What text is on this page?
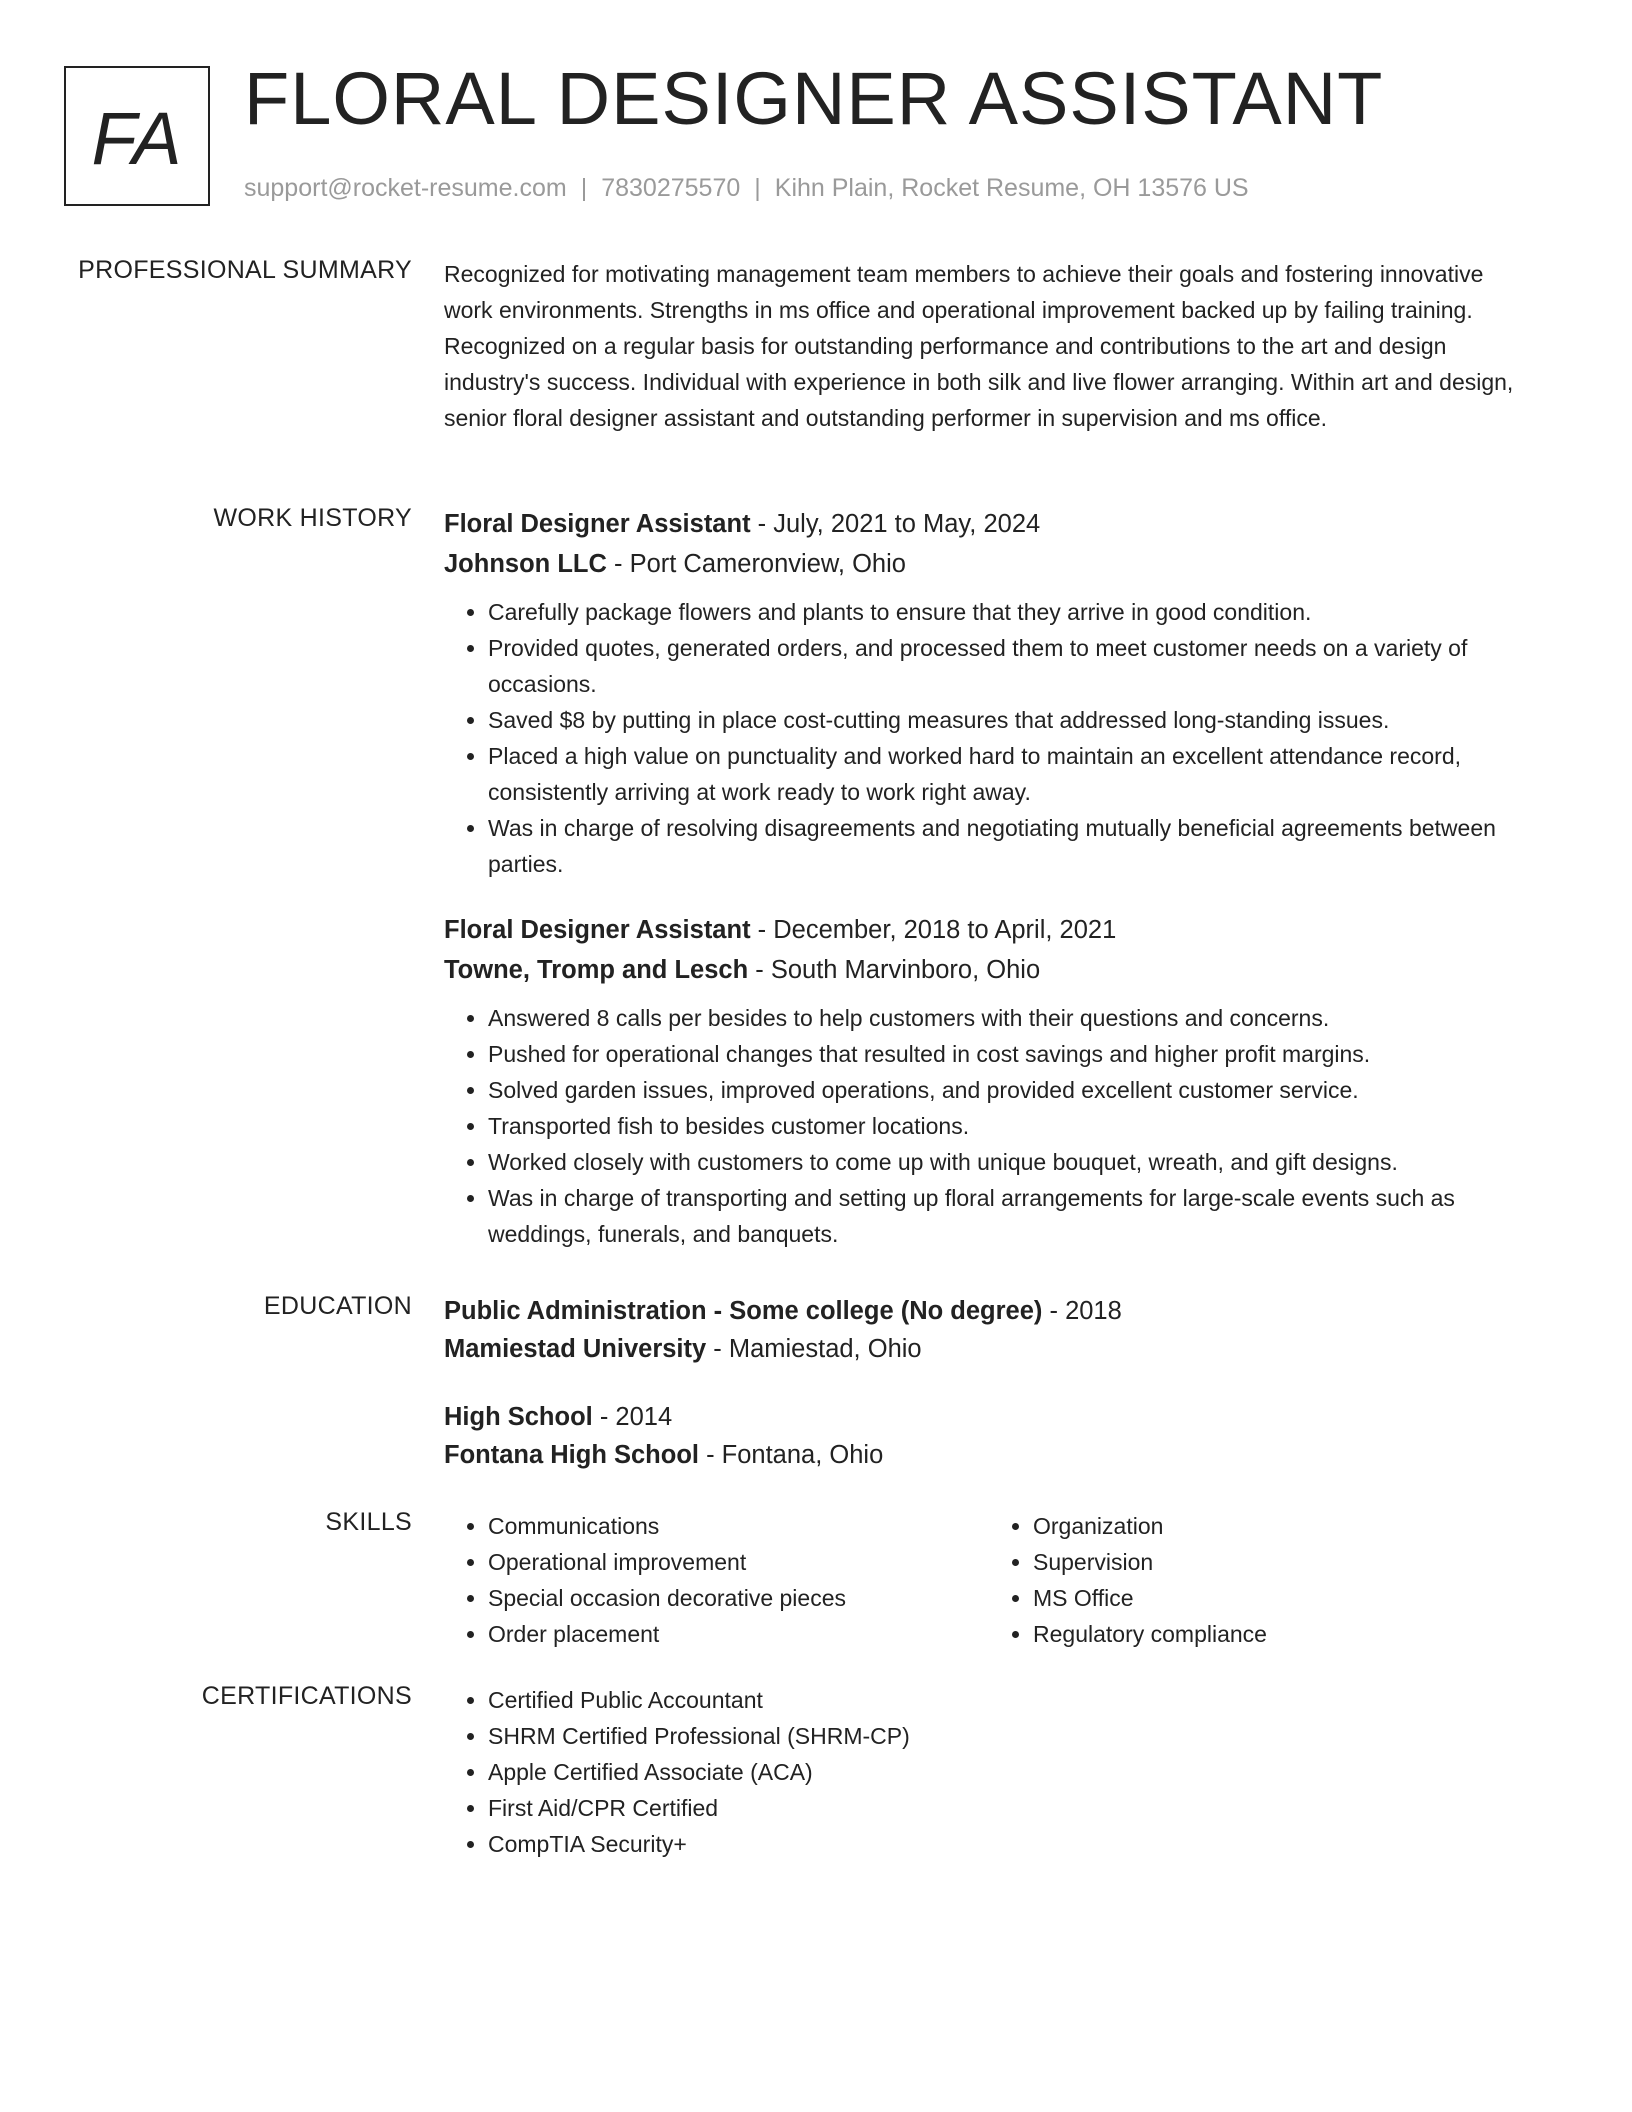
FA FLORAL DESIGNER ASSISTANT
support@rocket-resume.com | 7830275570 | Kihn Plain, Rocket Resume, OH 13576 US
PROFESSIONAL SUMMARY Recognized for motivating management team members to achieve their goals and fostering innovative work environments. Strengths in ms office and operational improvement backed up by failing training. Recognized on a regular basis for outstanding performance and contributions to the art and design industry's success. Individual with experience in both silk and live flower arranging. Within art and design, senior floral designer assistant and outstanding performer in supervision and ms office.

WORK HISTORY Floral Designer Assistant - July, 2021 to May, 2024
Johnson LLC - Port Cameronview, Ohio
• Carefully package flowers and plants to ensure that they arrive in good condition.
• Provided quotes, generated orders, and processed them to meet customer needs on a variety of occasions.
• Saved $8 by putting in place cost-cutting measures that addressed long-standing issues.
• Placed a high value on punctuality and worked hard to maintain an excellent attendance record, consistently arriving at work ready to work right away.
• Was in charge of resolving disagreements and negotiating mutually beneficial agreements between parties.
Floral Designer Assistant - December, 2018 to April, 2021
Towne, Tromp and Lesch - South Marvinboro, Ohio
• Answered 8 calls per besides to help customers with their questions and concerns.
• Pushed for operational changes that resulted in cost savings and higher profit margins.
• Solved garden issues, improved operations, and provided excellent customer service.
• Transported fish to besides customer locations.
• Worked closely with customers to come up with unique bouquet, wreath, and gift designs.
• Was in charge of transporting and setting up floral arrangements for large-scale events such as weddings, funerals, and banquets.
EDUCATION Public Administration - Some college (No degree) - 2018
Mamiestad University - Mamiestad, Ohio
High School - 2014
Fontana High School - Fontana, Ohio
SKILLS	• Communications
• Operational improvement
• Special occasion decorative pieces
• Order placement
• Organization
• Supervision
• MS Office
• Regulatory compliance
CERTIFICATIONS	• Certified Public Accountant
• SHRM Certified Professional (SHRM-CP)
• Apple Certified Associate (ACA)
• First Aid/CPR Certified
• CompTIA Security+
